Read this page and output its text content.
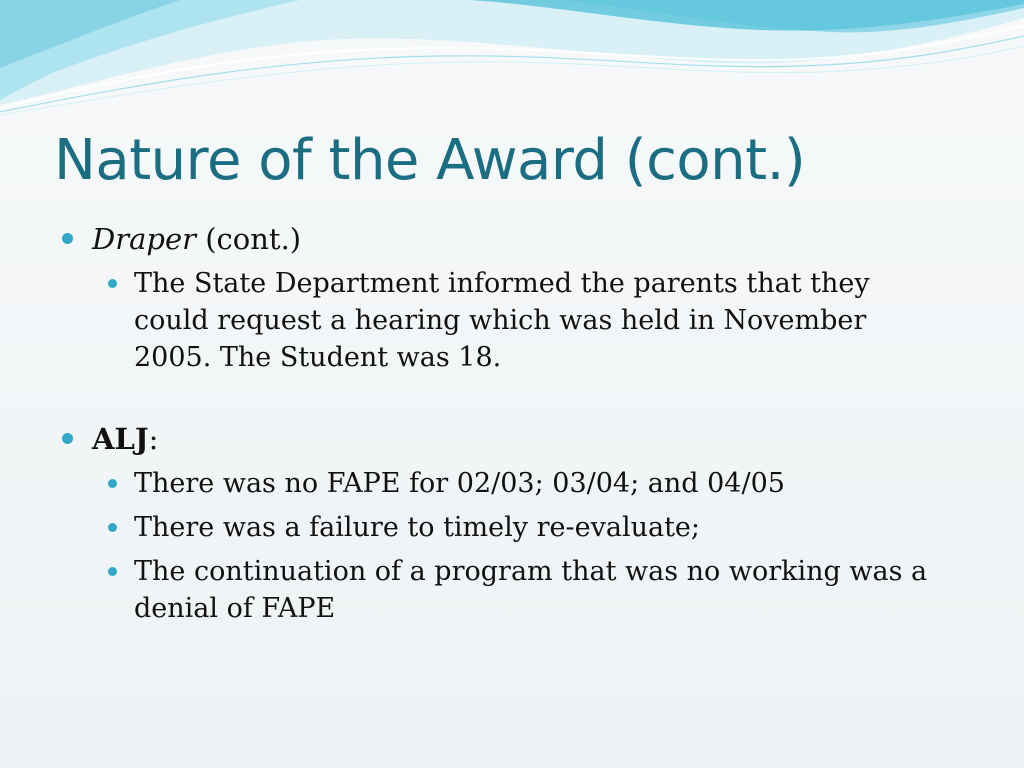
Nature of the Award (cont.)
Draper (cont.)
The State Department informed the parents that they could request a hearing which was held in November 2005. The Student was 18.
ALJ:
There was no FAPE for 02/03; 03/04; and 04/05
There was a failure to timely re-evaluate;
The continuation of a program that was no working was a denial of FAPE
